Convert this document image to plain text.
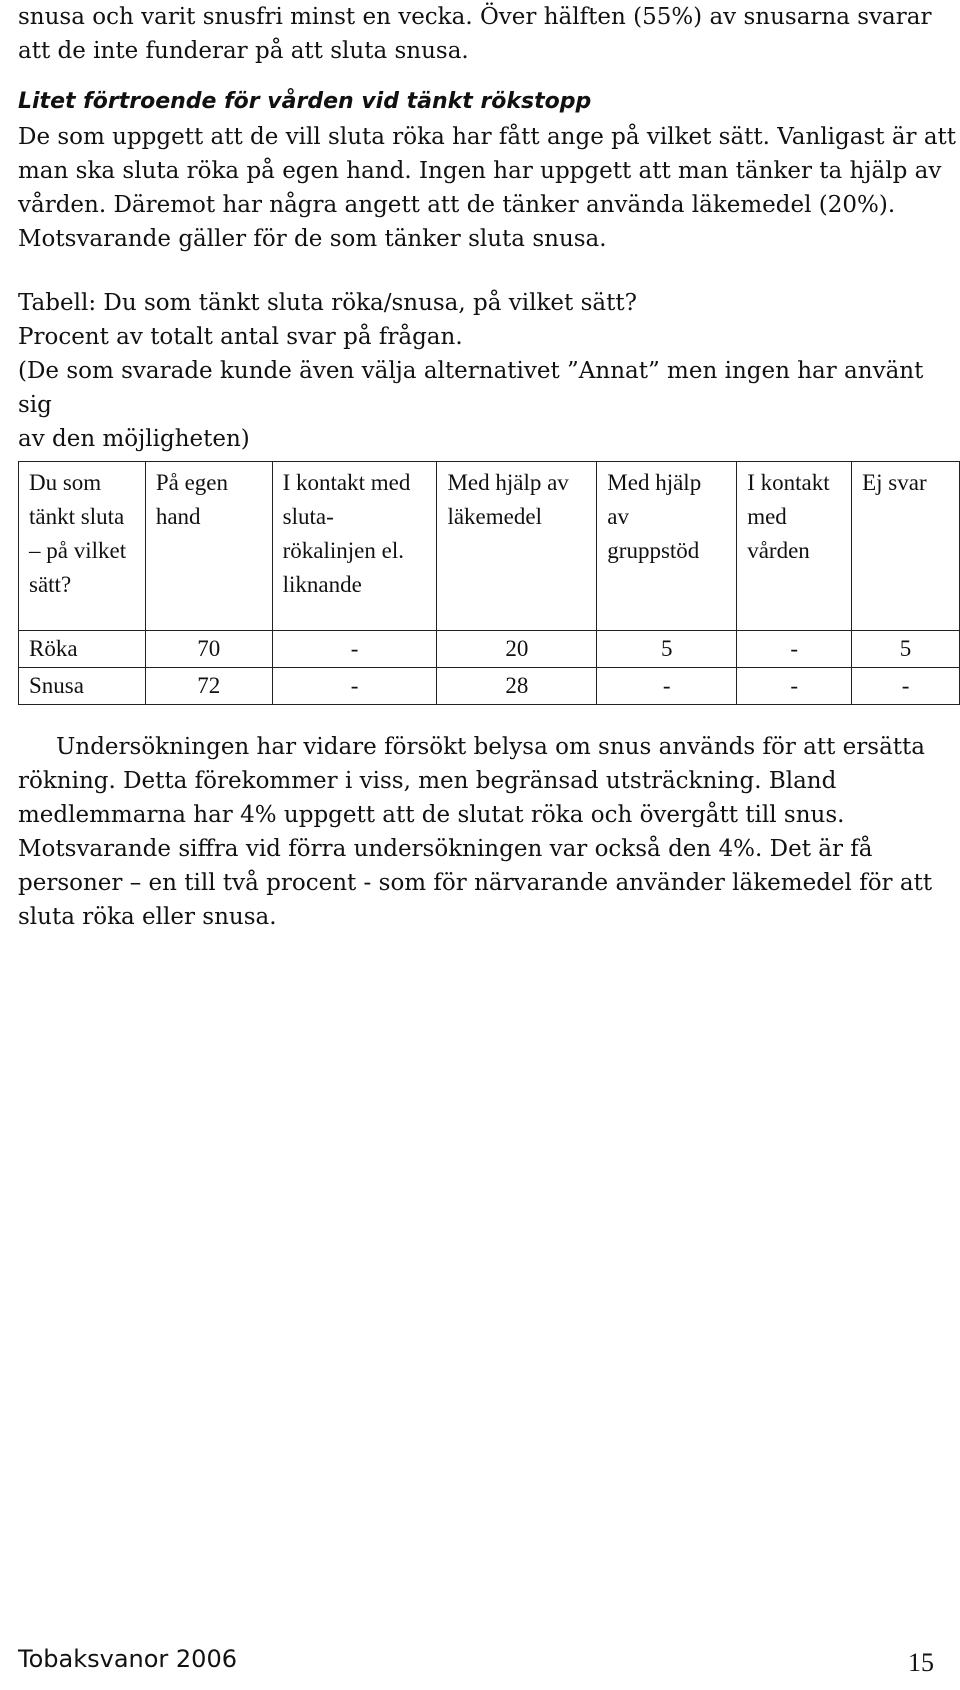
snusa och varit snusfri minst en vecka. Över hälften (55%) av snusarna svarar

att de inte funderar på att sluta snusa.

Litet förtroende för vården vid tänkt rökstopp

De som uppgett att de vill sluta röka har fått ange på vilket sätt. Vanligast är att

man ska sluta röka på egen hand. Ingen har uppgett att man tänker ta hjälp av

vården. Däremot har några angett att de tänker använda läkemedel (20%).

Motsvarande gäller för de som tänker sluta snusa.

Tabell: Du som tänkt sluta röka/snusa, på vilket sätt?

Procent av totalt antal svar på frågan.

(De som svarade kunde även välja alternativet ”Annat” men ingen har använt sig

av den möjligheten)

Du som tänkt sluta – på vilket sätt?	På egen hand	I kontakt med sluta-rökalinjen el. liknande	Med hjälp av läkemedel	Med hjälp av gruppstöd	I kontakt med vården	Ej svar
Röka	70	-	20	5	-	5
Snusa	72	-	28	-	-	-

Undersökningen har vidare försökt belysa om snus används för att ersätta

rökning. Detta förekommer i viss, men begränsad utsträckning. Bland

medlemmarna har 4% uppgett att de slutat röka och övergått till snus.

Motsvarande siffra vid förra undersökningen var också den 4%. Det är få

personer – en till två procent - som för närvarande använder läkemedel för att

sluta röka eller snusa.

Tobaksvanor 2006	15
